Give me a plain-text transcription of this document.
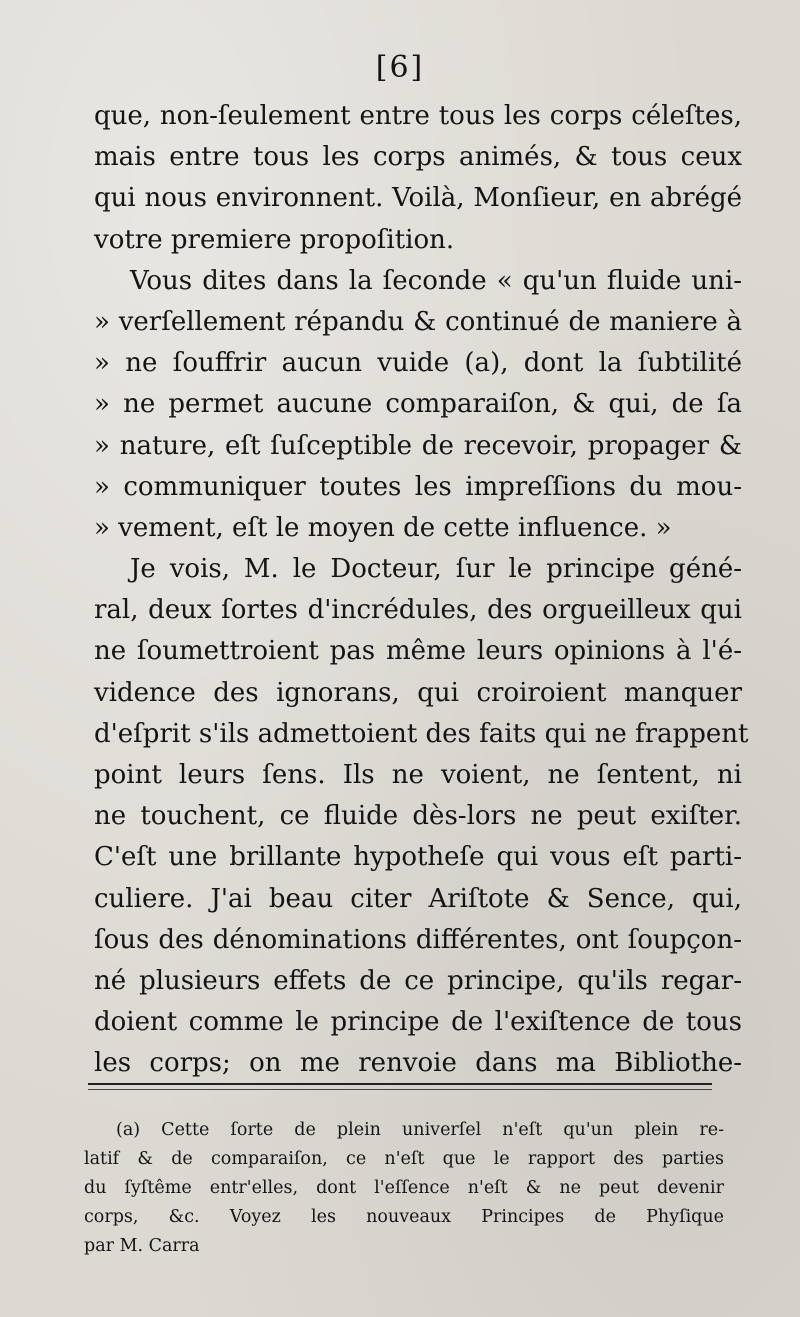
[6]
que, non-ſeulement entre tous les corps céleſtes,
mais entre tous les corps animés, & tous ceux
qui nous environnent. Voilà, Monſieur, en abrégé
votre premiere propoſition.
Vous dites dans la ſeconde « qu'un fluide uni-
» verſellement répandu & continué de maniere à
» ne ſouffrir aucun vuide (a), dont la ſubtilité
» ne permet aucune comparaiſon, & qui, de ſa
» nature, eſt ſuſceptible de recevoir, propager &
» communiquer toutes les impreſſions du mou-
» vement, eſt le moyen de cette influence. »
Je vois, M. le Docteur, ſur le principe géné-
ral, deux ſortes d'incrédules, des orgueilleux qui
ne ſoumettroient pas même leurs opinions à l'é-
vidence des ignorans, qui croiroient manquer
d'eſprit s'ils admettoient des faits qui ne frappent
point leurs ſens. Ils ne voient, ne ſentent, ni
ne touchent, ce fluide dès-lors ne peut exiſter.
C'eſt une brillante hypotheſe qui vous eſt parti-
culiere. J'ai beau citer Ariſtote & Sence, qui,
ſous des dénominations différentes, ont ſoupçon-
né plusieurs effets de ce principe, qu'ils regar-
doient comme le principe de l'exiſtence de tous
les corps; on me renvoie dans ma Bibliothe-
(a) Cette ſorte de plein univerſel n'eſt qu'un plein re-
latif & de comparaiſon, ce n'eſt que le rapport des parties
du ſyſtême entr'elles, dont l'eſſence n'eſt & ne peut devenir
corps, &c. Voyez les nouveaux Principes de Phyſique
par M. Carra
